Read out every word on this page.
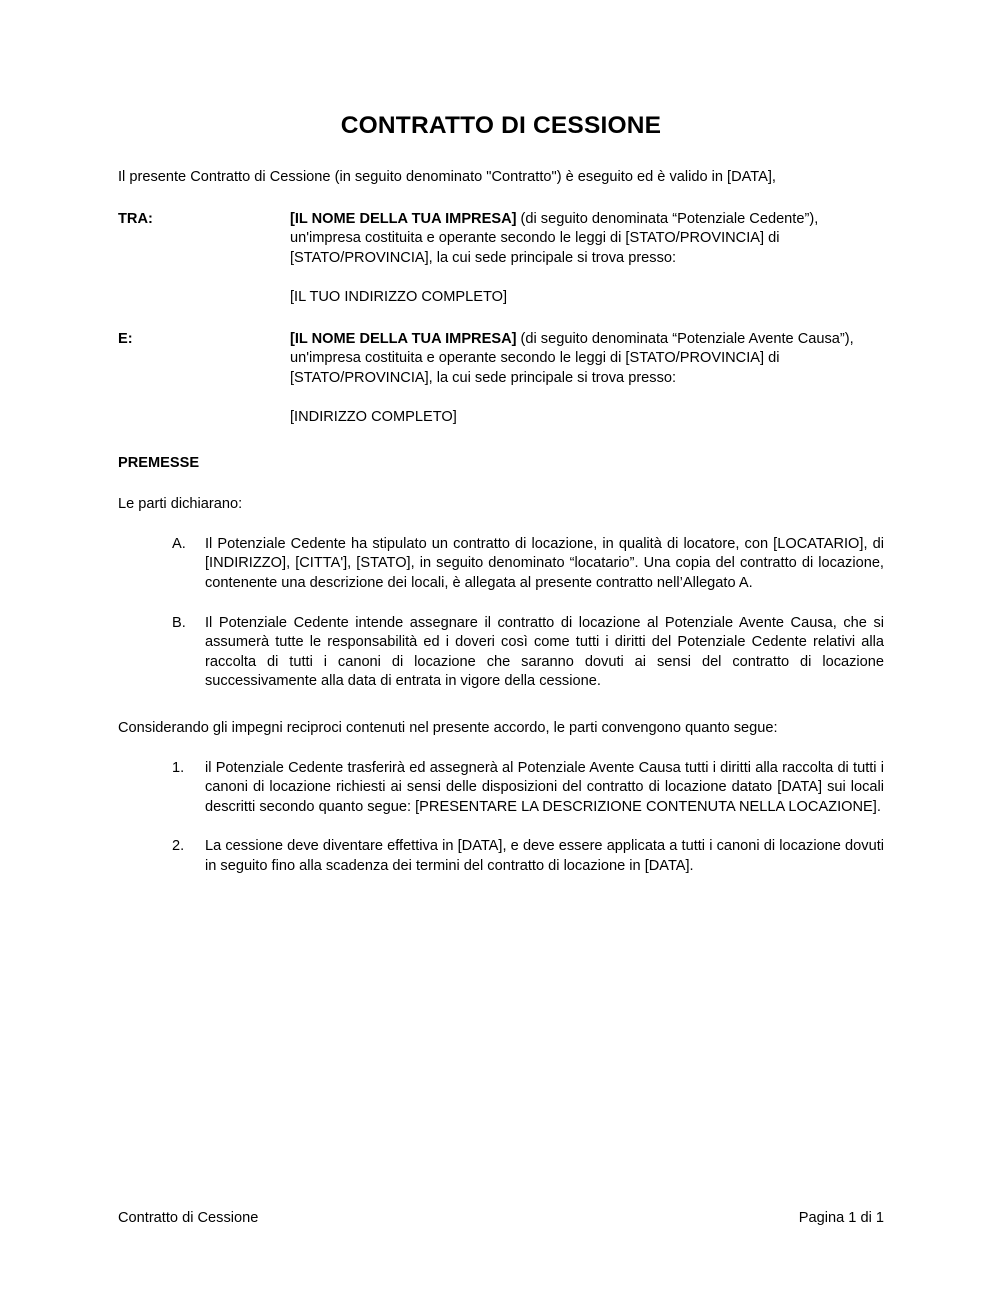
CONTRATTO DI CESSIONE

Il presente Contratto di Cessione (in seguito denominato "Contratto") è eseguito ed è valido in [DATA],

TRA:	[IL NOME DELLA TUA IMPRESA] (di seguito denominata “Potenziale Cedente”), un'impresa costituita e operante secondo le leggi di [STATO/PROVINCIA] di [STATO/PROVINCIA], la cui sede principale si trova presso:
[IL TUO INDIRIZZO COMPLETO]
E:	[IL NOME DELLA TUA IMPRESA] (di seguito denominata “Potenziale Avente Causa”), un'impresa costituita e operante secondo le leggi di [STATO/PROVINCIA] di [STATO/PROVINCIA], la cui sede principale si trova presso:
[INDIRIZZO COMPLETO]
PREMESSE

Le parti dichiarano:

A.	Il Potenziale Cedente ha stipulato un contratto di locazione, in qualità di locatore, con [LOCATARIO], di [INDIRIZZO], [CITTA'], [STATO], in seguito denominato “locatario”. Una copia del contratto di locazione, contenente una descrizione dei locali, è allegata al presente contratto nell’Allegato A.
B.	Il Potenziale Cedente intende assegnare il contratto di locazione al Potenziale Avente Causa, che si assumerà tutte le responsabilità ed i doveri così come tutti i diritti del Potenziale Cedente relativi alla raccolta di tutti i canoni di locazione che saranno dovuti ai sensi del contratto di locazione successivamente alla data di entrata in vigore della cessione.

Considerando gli impegni reciproci contenuti nel presente accordo, le parti convengono quanto segue:

1.	il Potenziale Cedente trasferirà ed assegnerà al Potenziale Avente Causa tutti i diritti alla raccolta di tutti i canoni di locazione richiesti ai sensi delle disposizioni del contratto di locazione datato [DATA] sui locali descritti secondo quanto segue: [PRESENTARE LA DESCRIZIONE CONTENUTA NELLA LOCAZIONE].
2.	La cessione deve diventare effettiva in [DATA], e deve essere applicata a tutti i canoni di locazione dovuti in seguito fino alla scadenza dei termini del contratto di locazione in [DATA].
Contratto di Cessione	Pagina 1 di 1
